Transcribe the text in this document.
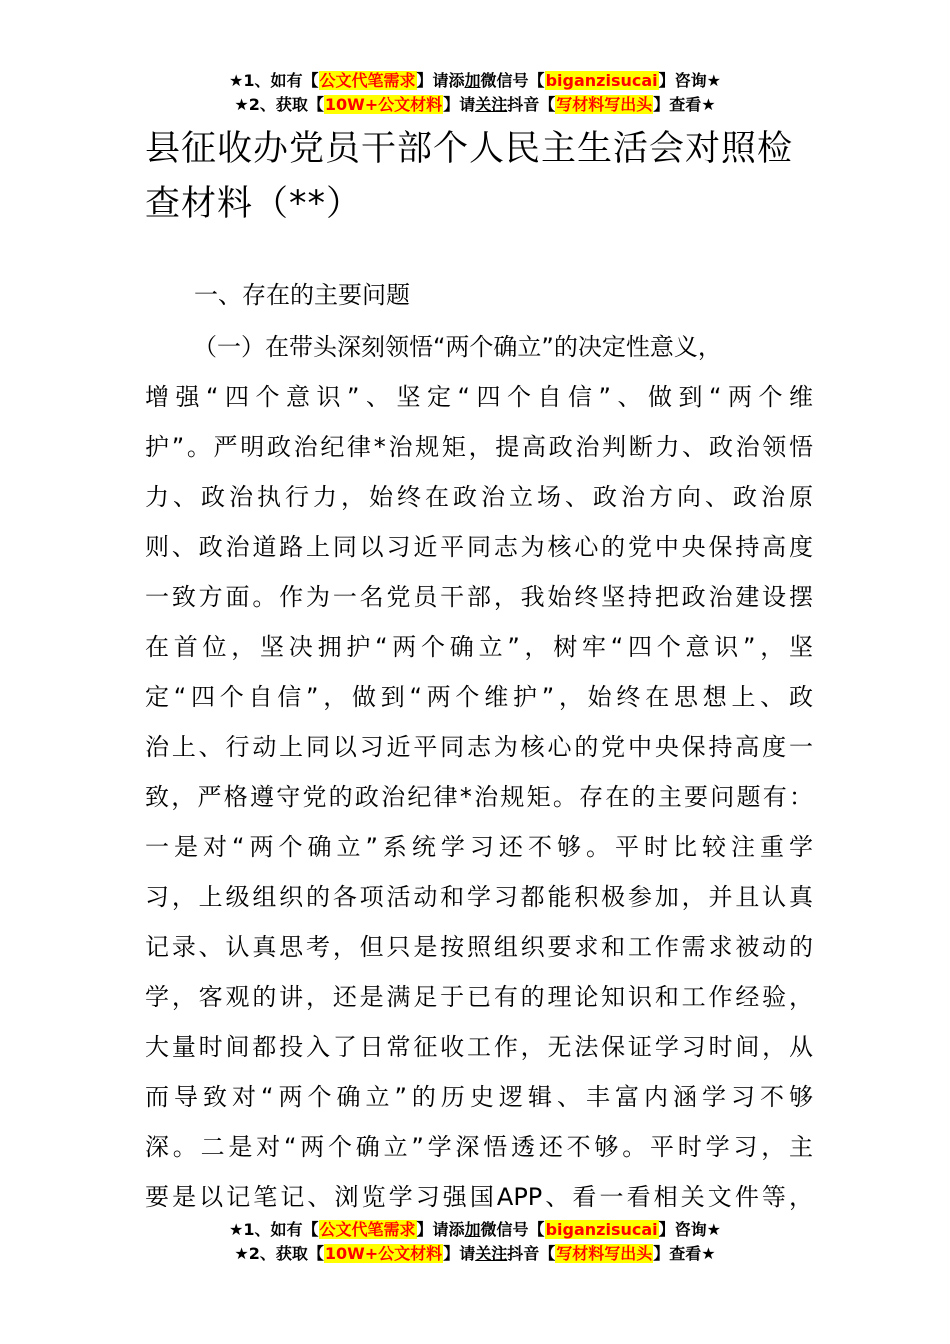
★1、如有【公文代笔需求】请添加微信号【biganzisucai】咨询★
★2、获取【10W+公文材料】请关注抖音【写材料写出头】查看★
县征收办党员干部个人民主生活会对照检
查材料（**）
一、存在的主要问题
（一）在带头深刻领悟“两个确立”的决定性意义，
增强“四个意识”、坚定“四个自信”、做到“两个维
护”。严明政治纪律*治规矩，提高政治判断力、政治领悟
力、政治执行力，始终在政治立场、政治方向、政治原
则、政治道路上同以习近平同志为核心的党中央保持高度
一致方面。作为一名党员干部，我始终坚持把政治建设摆
在首位，坚决拥护“两个确立”，树牢“四个意识”，坚
定“四个自信”，做到“两个维护”，始终在思想上、政
治上、行动上同以习近平同志为核心的党中央保持高度一
致，严格遵守党的政治纪律*治规矩。存在的主要问题有：
一是对“两个确立”系统学习还不够。平时比较注重学
习，上级组织的各项活动和学习都能积极参加，并且认真
记录、认真思考，但只是按照组织要求和工作需求被动的
学，客观的讲，还是满足于已有的理论知识和工作经验，
大量时间都投入了日常征收工作，无法保证学习时间，从
而导致对“两个确立”的历史逻辑、丰富内涵学习不够
深。二是对“两个确立”学深悟透还不够。平时学习，主
要是以记笔记、浏览学习强国APP、看一看相关文件等，
★1、如有【公文代笔需求】请添加微信号【biganzisucai】咨询★
★2、获取【10W+公文材料】请关注抖音【写材料写出头】查看★
